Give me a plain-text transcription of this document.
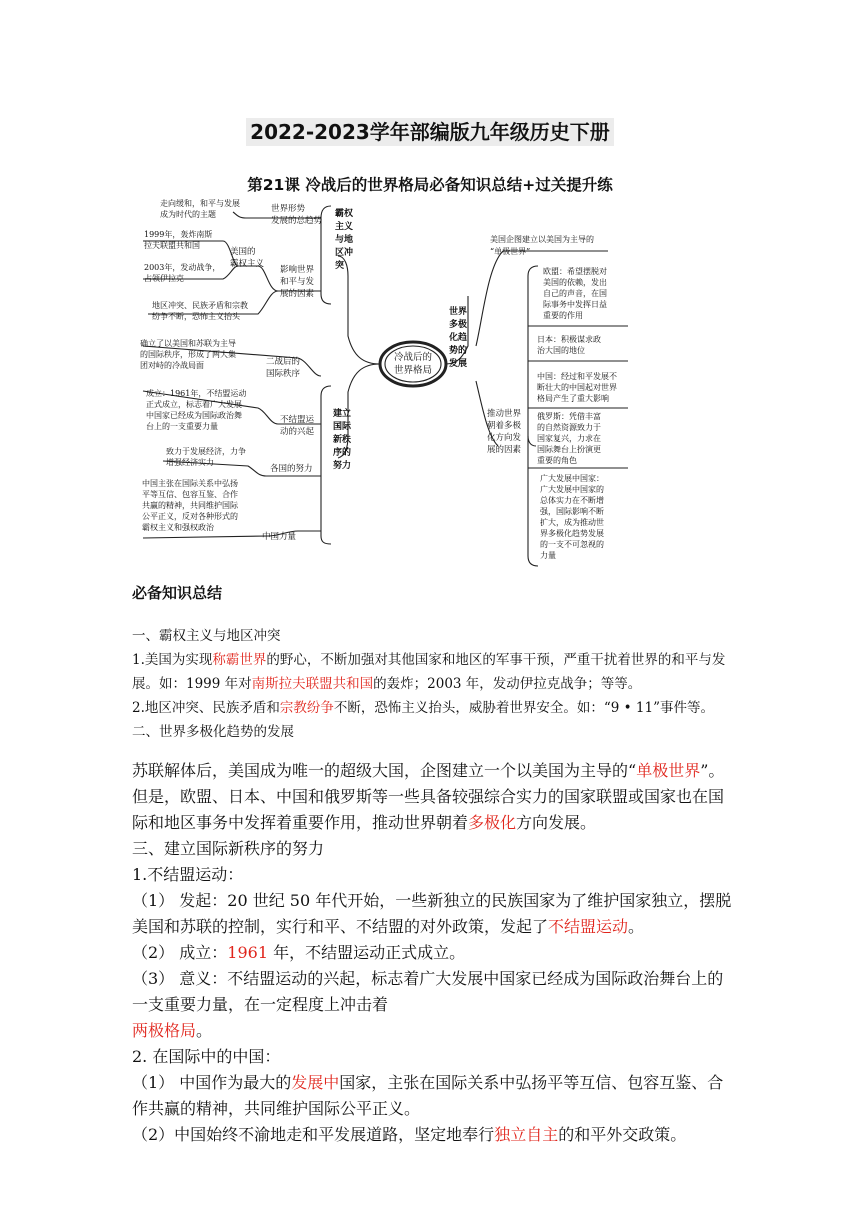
2022-2023学年部编版九年级历史下册
第21课 冷战后的世界格局必备知识总结+过关提升练
冷战后的
世界格局
霸权
主义
与地
区冲
突
世界形势
发展的总趋势
走向缓和，和平与发展
成为时代的主题
影响世界
和平与发
展的因素
美国的
霸权主义
1999年，轰炸南斯
拉夫联盟共和国
2003年，发动战争，
占领伊拉克
地区冲突、民族矛盾和宗教
纷争不断，恐怖主义抬头
建立
国际
新秩
序的
努力
二战后的
国际秩序
确立了以美国和苏联为主导
的国际秩序，形成了两大集
团对峙的冷战局面
不结盟运
动的兴起
成立：1961年，不结盟运动
正式成立，标志着广大发展
中国家已经成为国际政治舞
台上的一支重要力量
各国的努力
致力于发展经济，力争
增强经济实力
中国力量
中国主张在国际关系中弘扬
平等互信、包容互鉴、合作
共赢的精神，共同维护国际
公平正义，反对各种形式的
霸权主义和强权政治
世界
多极
化趋
势的
发展
美国企图建立以美国为主导的
“单极世界”
推动世界
朝着多极
化方向发
展的因素
欧盟：希望摆脱对
美国的依赖，发出
自己的声音，在国
际事务中发挥日益
重要的作用
日本：积极谋求政
治大国的地位
中国：经过和平发展不
断壮大的中国起对世界
格局产生了重大影响
俄罗斯：凭借丰富
的自然资源致力于
国家复兴，力求在
国际舞台上扮演更
重要的角色
广大发展中国家：
广大发展中国家的
总体实力在不断增
强，国际影响不断
扩大，成为推动世
界多极化趋势发展
的一支不可忽视的
力量
必备知识总结

一、霸权主义与地区冲突

1.美国为实现称霸世界的野心，不断加强对其他国家和地区的军事干预，严重干扰着世界的和平与发展。如：1999 年对南斯拉夫联盟共和国的轰炸；2003 年，发动伊拉克战争；等等。

2.地区冲突、民族矛盾和宗教纷争不断，恐怖主义抬头，威胁着世界安全。如：“9 • 11”事件等。

二、世界多极化趋势的发展

苏联解体后，美国成为唯一的超级大国，企图建立一个以美国为主导的“单极世界”。但是，欧盟、日本、中国和俄罗斯等一些具备较强综合实力的国家联盟或国家也在国际和地区事务中发挥着重要作用，推动世界朝着多极化方向发展。

三、建立国际新秩序的努力

1.不结盟运动：

（1） 发起：20 世纪 50 年代开始，一些新独立的民族国家为了维护国家独立，摆脱美国和苏联的控制，实行和平、不结盟的对外政策，发起了不结盟运动。

（2） 成立：1961 年，不结盟运动正式成立。

（3） 意义：不结盟运动的兴起，标志着广大发展中国家已经成为国际政治舞台上的一支重要力量，在一定程度上冲击着
两极格局。

2. 在国际中的中国：

（1） 中国作为最大的发展中国家，主张在国际关系中弘扬平等互信、包容互鉴、合作共赢的精神，共同维护国际公平正义。

（2）中国始终不渝地走和平发展道路，坚定地奉行独立自主的和平外交政策。
